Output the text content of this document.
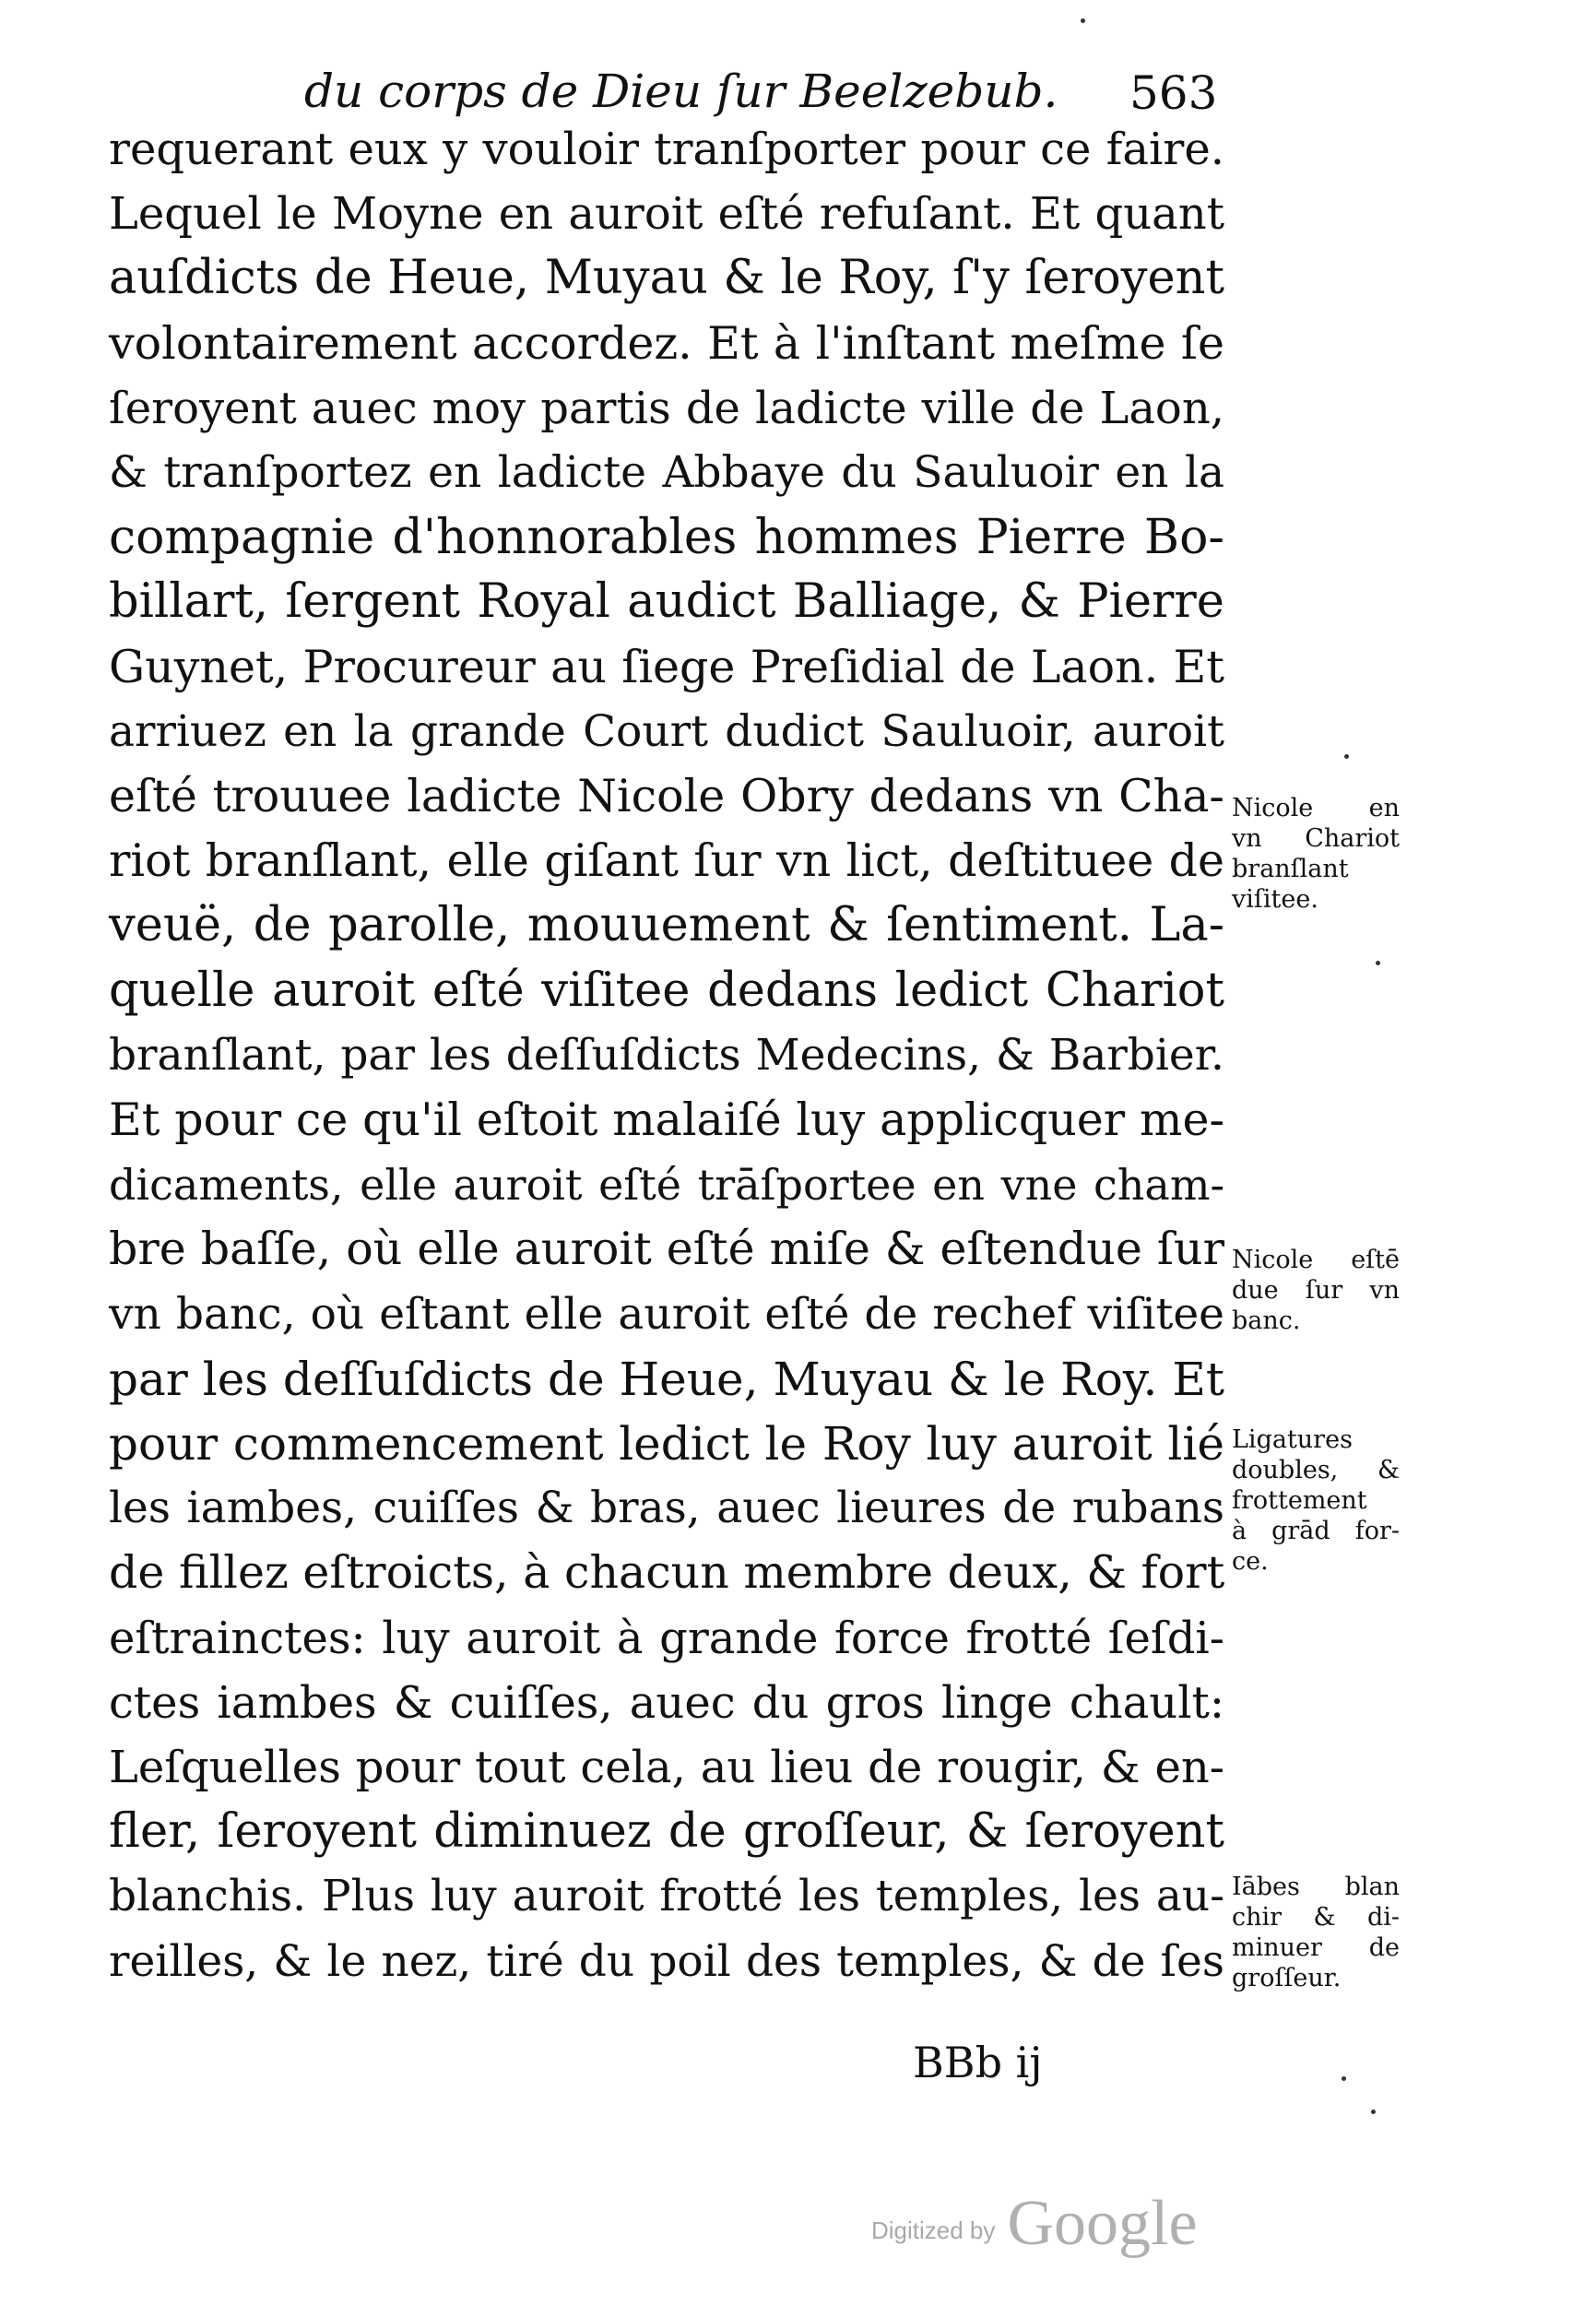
du corps de Dieu ſur Beelzebub. 563
requerant eux y vouloir tranſporter pour ce faire.
Lequel le Moyne en auroit eſté refuſant. Et quant
auſdicts de Heue, Muyau & le Roy, ſ'y ſeroyent
volontairement accordez. Et à l'inſtant meſme ſe
ſeroyent auec moy partis de ladicte ville de Laon,
& tranſportez en ladicte Abbaye du Sauluoir en la
compagnie d'honnorables hommes Pierre Bo-
billart, ſergent Royal audict Balliage, & Pierre
Guynet, Procureur au ſiege Preſidial de Laon. Et
arriuez en la grande Court dudict Sauluoir, auroit
eſté trouuee ladicte Nicole Obry dedans vn Cha-
riot branſlant, elle giſant ſur vn lict, deſtituee de
veuë, de parolle, mouuement & ſentiment. La-
quelle auroit eſté viſitee dedans ledict Chariot
branſlant, par les deſſuſdicts Medecins, & Barbier.
Et pour ce qu'il eſtoit malaiſé luy applicquer me-
dicaments, elle auroit eſté trāſportee en vne cham-
bre baſſe, où elle auroit eſté miſe & eſtendue ſur
vn banc, où eſtant elle auroit eſté de rechef viſitee
par les deſſuſdicts de Heue, Muyau & le Roy. Et
pour commencement ledict le Roy luy auroit lié
les iambes, cuiſſes & bras, auec lieures de rubans
de fillez eſtroicts, à chacun membre deux, & fort
eſtrainctes: luy auroit à grande force frotté ſeſdi-
ctes iambes & cuiſſes, auec du gros linge chault:
Leſquelles pour tout cela, au lieu de rougir, & en-
fler, ſeroyent diminuez de groſſeur, & ſeroyent
blanchis. Plus luy auroit frotté les temples, les au-
reilles, & le nez, tiré du poil des temples, & de ſes
Nicole en
vn Chariot
branſlant
viſitee.
Nicole eſtē
due ſur vn
banc.
Ligatures
doubles, &
frottement
à grād for-
ce.
Iābes blan
chir & di-
minuer de
groſſeur.
BBb ij
Digitized by Google
